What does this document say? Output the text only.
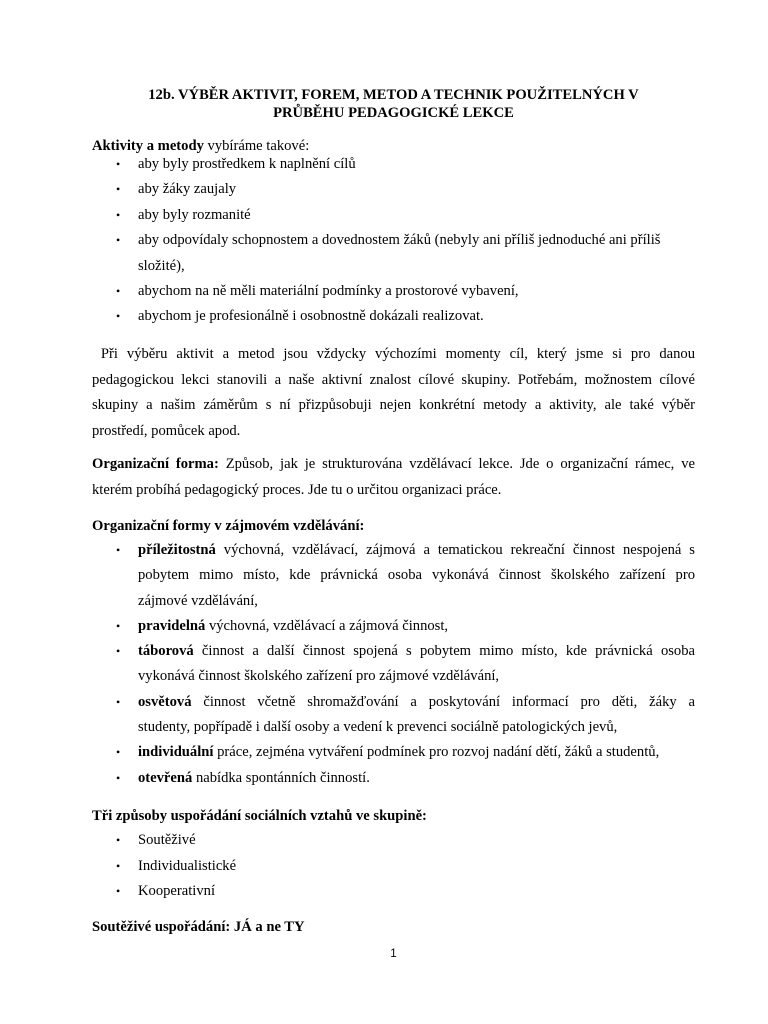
12b. VÝBĚR AKTIVIT, FOREM, METOD A TECHNIK POUŽITELNÝCH V
PRŮBĚHU PEDAGOGICKÉ LEKCE
Aktivity a metody vybíráme takové:
• aby byly prostředkem k naplnění cílů
• aby žáky zaujaly
• aby byly rozmanité
• aby odpovídaly schopnostem a dovednostem žáků (nebyly ani příliš jednoduché ani příliš
složité),
• abychom na ně měli materiální podmínky a prostorové vybavení,
• abychom je profesionálně i osobnostně dokázali realizovat.
Při výběru aktivit a metod jsou vždycky výchozími momenty cíl, který jsme si pro danou
pedagogickou lekci stanovili a naše aktivní znalost cílové skupiny. Potřebám, možnostem cílové
skupiny a našim záměrům s ní přizpůsobuji nejen konkrétní metody a aktivity, ale také výběr
prostředí, pomůcek apod.
Organizační forma: Způsob, jak je strukturována vzdělávací lekce. Jde o organizační rámec, ve
kterém probíhá pedagogický proces. Jde tu o určitou organizaci práce.
Organizační formy v zájmovém vzdělávání:
• příležitostná výchovná, vzdělávací, zájmová a tematickou rekreační činnost nespojená s
pobytem mimo místo, kde právnická osoba vykonává činnost školského zařízení pro
zájmové vzdělávání,
• pravidelná výchovná, vzdělávací a zájmová činnost,
• táborová činnost a další činnost spojená s pobytem mimo místo, kde právnická osoba
vykonává činnost školského zařízení pro zájmové vzdělávání,
• osvětová činnost včetně shromažďování a poskytování informací pro děti, žáky a
studenty, popřípadě i další osoby a vedení k prevenci sociálně patologických jevů,
• individuální práce, zejména vytváření podmínek pro rozvoj nadání dětí, žáků a studentů,
• otevřená nabídka spontánních činností.
Tři způsoby uspořádání sociálních vztahů ve skupině:
• Soutěživé
• Individualistické
• Kooperativní
Soutěživé uspořádání: JÁ a ne TY
1
